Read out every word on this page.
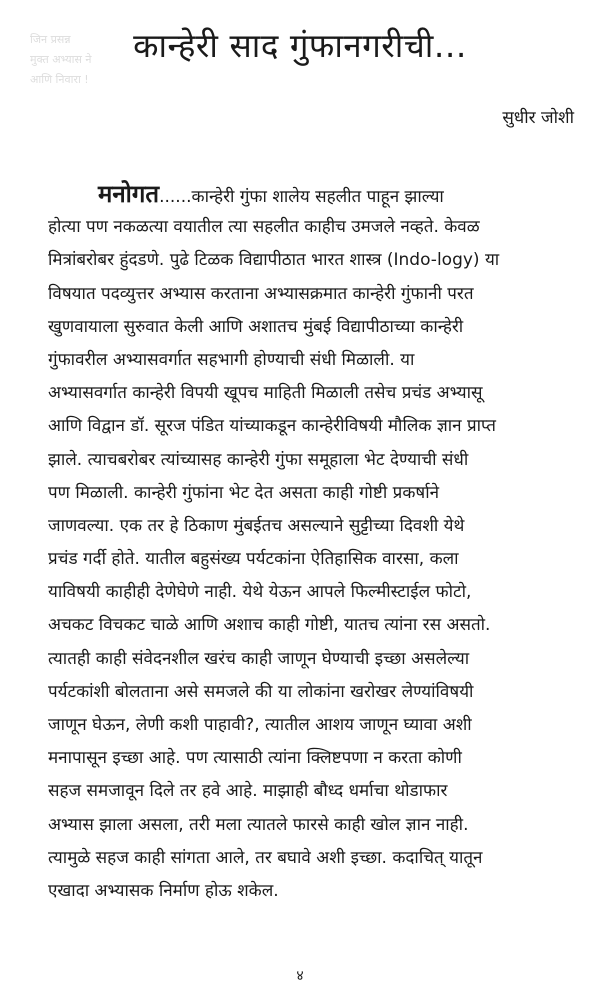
जिन प्रसन्न
मुक्त अभ्यास ने
आणि निवारा !
कान्हेरी साद गुंफानगरीची...
सुधीर जोशी
मनोगत......कान्हेरी गुंफा शालेय सहलीत पाहून झाल्या
होत्या पण नकळत्या वयातील त्या सहलीत काहीच उमजले नव्हते. केवळ
मित्रांबरोबर हुंदडणे. पुढे टिळक विद्यापीठात भारत शास्त्र (Indo-logy) या
विषयात पदव्युत्तर अभ्यास करताना अभ्यासक्रमात कान्हेरी गुंफानी परत
खुणवायाला सुरुवात केली आणि अशातच मुंबई विद्यापीठाच्या कान्हेरी
गुंफावरील अभ्यासवर्गात सहभागी होण्याची संधी मिळाली. या
अभ्यासवर्गात कान्हेरी विपयी खूपच माहिती मिळाली तसेच प्रचंड अभ्यासू
आणि विद्वान डॉ. सूरज पंडित यांच्याकडून कान्हेरीविषयी मौलिक ज्ञान प्राप्त
झाले. त्याचबरोबर त्यांच्यासह कान्हेरी गुंफा समूहाला भेट देण्याची संधी
पण मिळाली. कान्हेरी गुंफांना भेट देत असता काही गोष्टी प्रकर्षाने
जाणवल्या. एक तर हे ठिकाण मुंबईतच असल्याने सुट्टीच्या दिवशी येथे
प्रचंड गर्दी होते. यातील बहुसंख्य पर्यटकांना ऐतिहासिक वारसा, कला
याविषयी काहीही देणेघेणे नाही. येथे येऊन आपले फिल्मीस्टाईल फोटो,
अचकट विचकट चाळे आणि अशाच काही गोष्टी, यातच त्यांना रस असतो.
त्यातही काही संवेदनशील खरंच काही जाणून घेण्याची इच्छा असलेल्या
पर्यटकांशी बोलताना असे समजले की या लोकांना खरोखर लेण्यांविषयी
जाणून घेऊन, लेणी कशी पाहावी?, त्यातील आशय जाणून घ्यावा अशी
मनापासून इच्छा आहे. पण त्यासाठी त्यांना क्लिष्टपणा न करता कोणी
सहज समजावून दिले तर हवे आहे. माझाही बौध्द धर्माचा थोडाफार
अभ्यास झाला असला, तरी मला त्यातले फारसे काही खोल ज्ञान नाही.
त्यामुळे सहज काही सांगता आले, तर बघावे अशी इच्छा. कदाचित् यातून
एखादा अभ्यासक निर्माण होऊ शकेल.
४
